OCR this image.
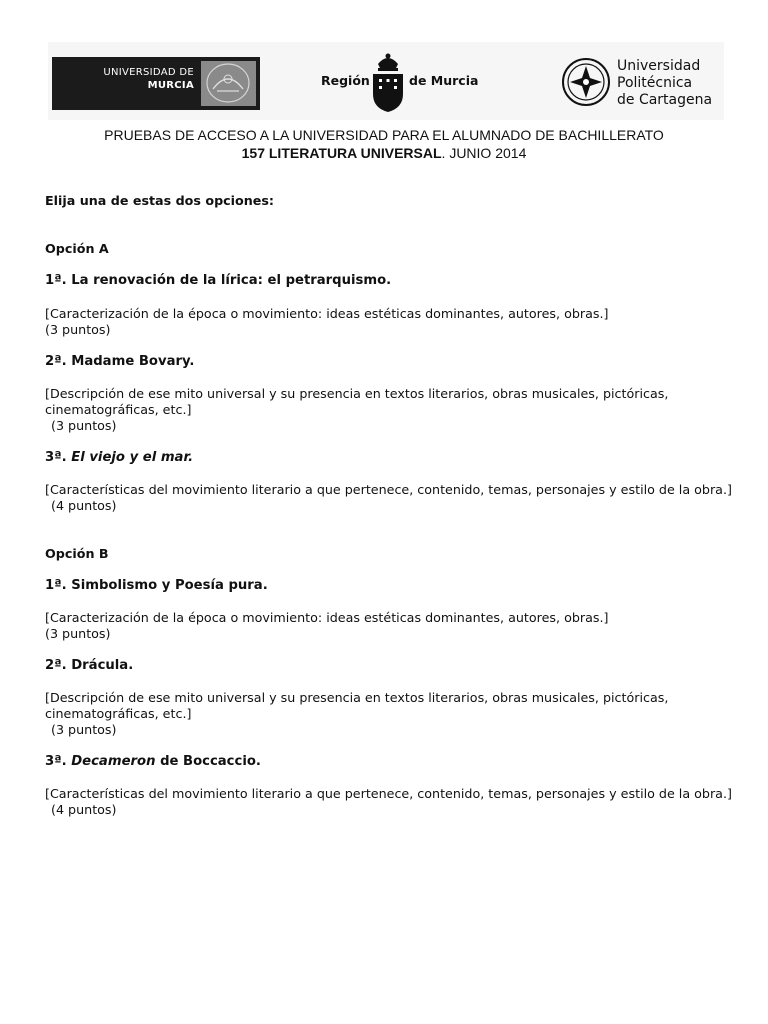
UNIVERSIDAD DE
MURCIA	Región	de Murcia
Universidad
Politécnica
de Cartagena
PRUEBAS DE ACCESO A LA UNIVERSIDAD PARA EL ALUMNADO DE BACHILLERATO
157 LITERATURA UNIVERSAL. JUNIO 2014
Elija una de estas dos opciones:
Opción A
1ª. La renovación de la lírica: el petrarquismo.
[Caracterización de la época o movimiento: ideas estéticas dominantes, autores, obras.]
(3 puntos)
2ª. Madame Bovary.
[Descripción de ese mito universal y su presencia en textos literarios, obras musicales, pictóricas,
cinematográficas, etc.]
(3 puntos)
3ª. El viejo y el mar.
[Características del movimiento literario a que pertenece, contenido, temas, personajes y estilo de la obra.]
(4 puntos)
Opción B
1ª. Simbolismo y Poesía pura.
[Caracterización de la época o movimiento: ideas estéticas dominantes, autores, obras.]
(3 puntos)
2ª. Drácula.
[Descripción de ese mito universal y su presencia en textos literarios, obras musicales, pictóricas,
cinematográficas, etc.]
(3 puntos)
3ª. Decameron de Boccaccio.
[Características del movimiento literario a que pertenece, contenido, temas, personajes y estilo de la obra.]
(4 puntos)
